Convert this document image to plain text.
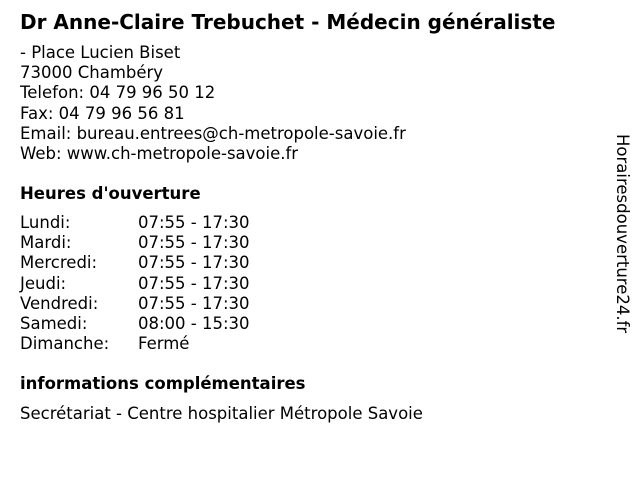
Dr Anne-Claire Trebuchet - Médecin généraliste
- Place Lucien Biset
73000 Chambéry
Telefon: 04 79 96 50 12
Fax: 04 79 96 56 81
Email: bureau.entrees@ch-metropole-savoie.fr
Web: www.ch-metropole-savoie.fr
Heures d'ouverture
Lundi:	07:55 - 17:30
Mardi:	07:55 - 17:30
Mercredi:	07:55 - 17:30
Jeudi:	07:55 - 17:30
Vendredi:	07:55 - 17:30
Samedi:	08:00 - 15:30
Dimanche:	Fermé
informations complémentaires
Secrétariat - Centre hospitalier Métropole Savoie
Horairesdouverture24.fr
